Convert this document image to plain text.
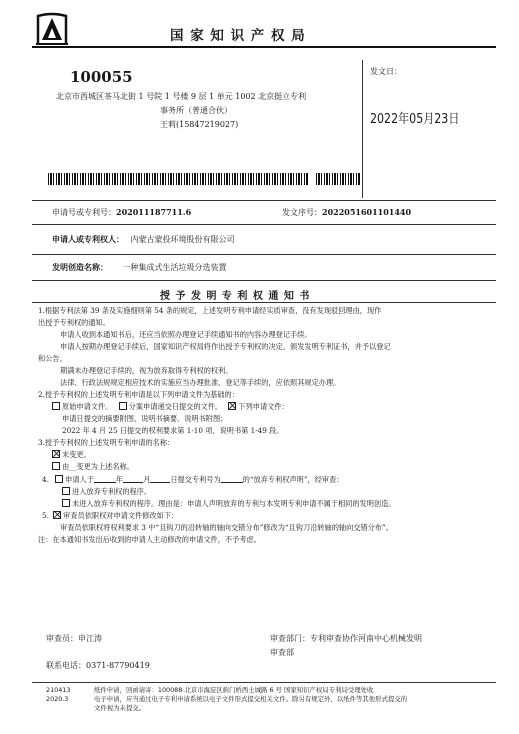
国 家 知 识 产 权 局
100055
北京市西城区茶马北街 1 号院 1 号楼 9 层 1 单元 1002 北京挺立专利
事务所（普通合伙）
王莉(15847219027)
发文日：
2022年05月23日
申请号或专利号：202011187711.6	发文序号：2022051601101440
申请人或专利权人： 内蒙古蒙投环境股份有限公司
发明创造名称： 一种集成式生活垃圾分选装置
授 予 发 明 专 利 权 通 知 书
1.根据专利法第 39 条及实施细则第 54 条的规定，上述发明专利申请经实质审查，没有发现驳回理由，现作
出授予专利权的通知。
申请人收到本通知书后，还应当依照办理登记手续通知书的内容办理登记手续。
申请人按期办理登记手续后，国家知识产权局将作出授予专利权的决定，颁发发明专利证书，并予以登记
和公告。
期满未办理登记手续的，视为放弃取得专利权的权利。
法律、行政法规规定相应技术的实施应当办理批准、登记等手续的，应依照其规定办理。
2.授予专利权的上述发明专利申请是以下列申请文件为基础的：
原始申请文件。 分案申请递交日提交的文件。 下列申请文件：
申请日提交的摘要附图、说明书摘要、说明书附图；
2022 年 4 月 25 日提交的权利要求第 1-10 项、说明书第 1-49 段。
3.授予专利权的上述发明专利申请的名称：
未变更。
由__变更为上述名称。
4. 申请人于	年	月	日提交专利号为	的“放弃专利权声明”，经审查：
进入放弃专利权的程序。
未进入放弃专利权的程序。理由是：申请人声明放弃的专利与本发明专利申请不属于相同的发明创造。
5. 审查员依职权对申请文件修改如下：
审查员依职权将权利要求 3 中“且钩刀的沿转轴的轴向交错分布”修改为“且钩刀沿转轴的轴向交错分布”。
注：在本通知书发出后收到的申请人主动修改的申请文件，不予考虑。
审查员：申江涛	审查部门：专利审查协作河南中心机械发明
审查部
联系电话：0371-87790419
210413	纸件申请，回函请寄：100088 北京市海淀区蓟门桥西土城路 6 号 国家知识产权局专利局受理处收
2020.3	电子申请，应当通过电子专利申请系统以电子文件形式提交相关文件。除另有规定外，以纸件等其他形式提交的
文件视为未提交。
